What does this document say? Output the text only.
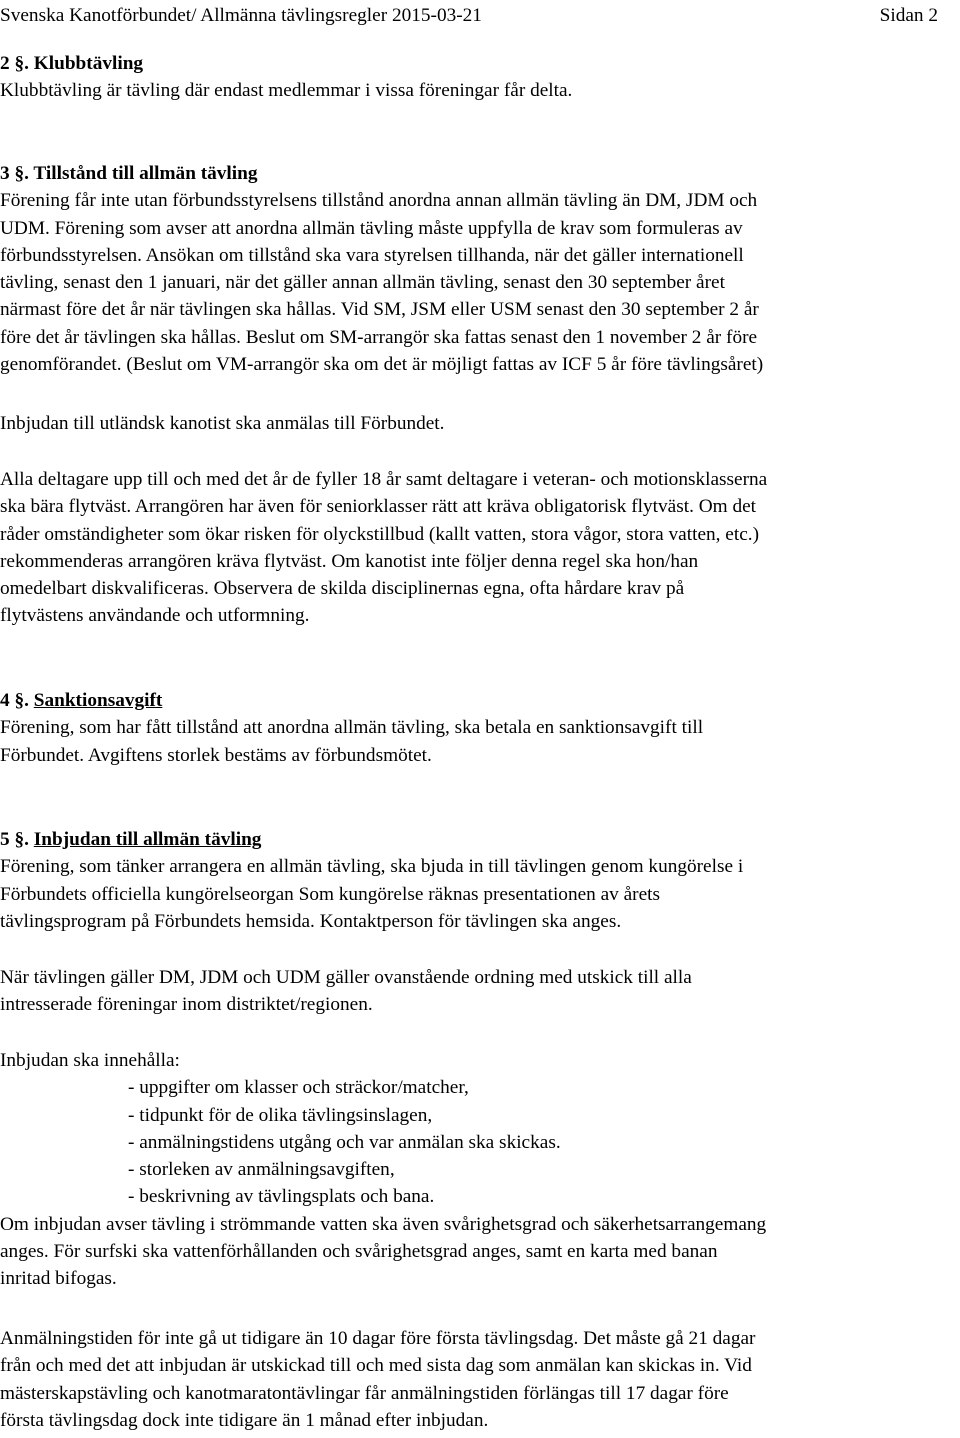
Svenska Kanotförbundet/ Allmänna tävlingsregler 2015-03-21	Sidan 2
2 §. Klubbtävling
Klubbtävling är tävling där endast medlemmar i vissa föreningar får delta.
3 §. Tillstånd till allmän tävling
Förening får inte utan förbundsstyrelsens tillstånd anordna annan allmän tävling än DM, JDM och
UDM. Förening som avser att anordna allmän tävling måste uppfylla de krav som formuleras av
förbundsstyrelsen. Ansökan om tillstånd ska vara styrelsen tillhanda, när det gäller internationell
tävling, senast den 1 januari, när det gäller annan allmän tävling, senast den 30 september året
närmast före det år när tävlingen ska hållas. Vid SM, JSM eller USM senast den 30 september 2 år
före det år tävlingen ska hållas. Beslut om SM-arrangör ska fattas senast den 1 november 2 år före
genomförandet. (Beslut om VM-arrangör ska om det är möjligt fattas av ICF 5 år före tävlingsåret)
Inbjudan till utländsk kanotist ska anmälas till Förbundet.
Alla deltagare upp till och med det år de fyller 18 år samt deltagare i veteran- och motionsklasserna
ska bära flytväst. Arrangören har även för seniorklasser rätt att kräva obligatorisk flytväst. Om det
råder omständigheter som ökar risken för olyckstillbud (kallt vatten, stora vågor, stora vatten, etc.)
rekommenderas arrangören kräva flytväst. Om kanotist inte följer denna regel ska hon/han
omedelbart diskvalificeras. Observera de skilda disciplinernas egna, ofta hårdare krav på
flytvästens användande och utformning.
4 §. Sanktionsavgift
Förening, som har fått tillstånd att anordna allmän tävling, ska betala en sanktionsavgift till
Förbundet. Avgiftens storlek bestäms av förbundsmötet.
5 §. Inbjudan till allmän tävling
Förening, som tänker arrangera en allmän tävling, ska bjuda in till tävlingen genom kungörelse i
Förbundets officiella kungörelseorgan Som kungörelse räknas presentationen av årets
tävlingsprogram på Förbundets hemsida. Kontaktperson för tävlingen ska anges.
När tävlingen gäller DM, JDM och UDM gäller ovanstående ordning med utskick till alla
intresserade föreningar inom distriktet/regionen.
Inbjudan ska innehålla:
- uppgifter om klasser och sträckor/matcher,
- tidpunkt för de olika tävlingsinslagen,
- anmälningstidens utgång och var anmälan ska skickas.
- storleken av anmälningsavgiften,
- beskrivning av tävlingsplats och bana.
Om inbjudan avser tävling i strömmande vatten ska även svårighetsgrad och säkerhetsarrangemang
anges. För surfski ska vattenförhållanden och svårighetsgrad anges, samt en karta med banan
inritad bifogas.
Anmälningstiden för inte gå ut tidigare än 10 dagar före första tävlingsdag. Det måste gå 21 dagar
från och med det att inbjudan är utskickad till och med sista dag som anmälan kan skickas in. Vid
mästerskapstävling och kanotmaratontävlingar får anmälningstiden förlängas till 17 dagar före
första tävlingsdag dock inte tidigare än 1 månad efter inbjudan.
